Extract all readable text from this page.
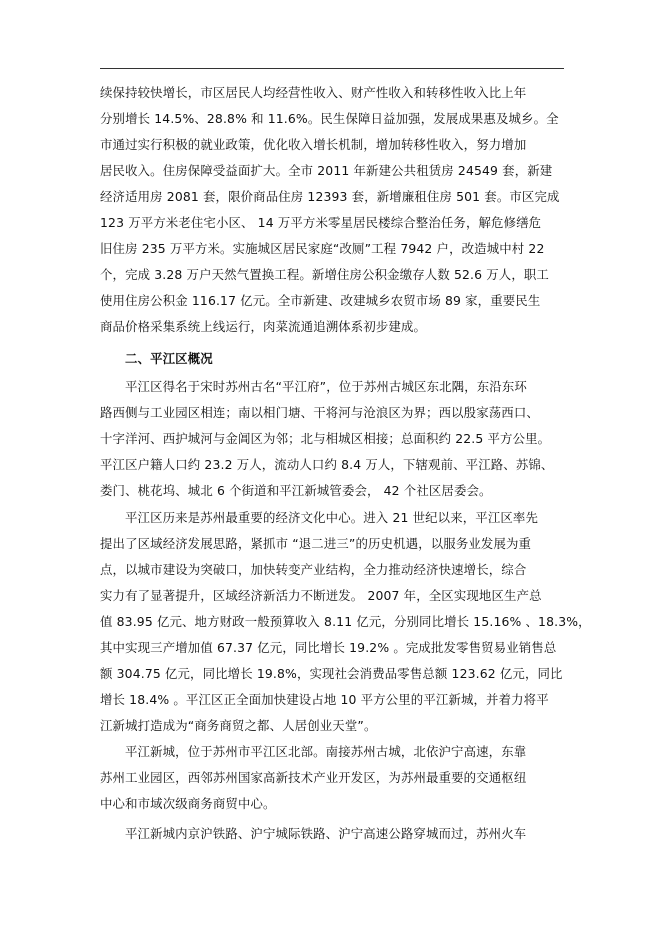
续保持较快增长，市区居民人均经营性收入、财产性收入和转移性收入比上年
分别增长 14.5%、28.8% 和 11.6%。民生保障日益加强，发展成果惠及城乡。全
市通过实行积极的就业政策，优化收入增长机制，增加转移性收入，努力增加
居民收入。住房保障受益面扩大。全市 2011 年新建公共租赁房 24549 套，新建
经济适用房 2081 套，限价商品住房 12393 套，新增廉租住房 501 套。市区完成
123 万平方米老住宅小区、 14 万平方米零星居民楼综合整治任务，解危修缮危
旧住房 235 万平方米。实施城区居民家庭“改厕”工程 7942 户，改造城中村 22
个，完成 3.28 万户天然气置换工程。新增住房公积金缴存人数 52.6 万人，职工
使用住房公积金 116.17 亿元。全市新建、改建城乡农贸市场 89 家，重要民生
商品价格采集系统上线运行，肉菜流通追溯体系初步建成。
二、平江区概况
平江区得名于宋时苏州古名“平江府”，位于苏州古城区东北隅，东沿东环
路西侧与工业园区相连；南以相门塘、干将河与沧浪区为界；西以殷家荡西口、
十字洋河、西护城河与金阊区为邻；北与相城区相接；总面积约 22.5 平方公里。
平江区户籍人口约 23.2 万人，流动人口约 8.4 万人，下辖观前、平江路、苏锦、
娄门、桃花坞、城北 6 个街道和平江新城管委会， 42 个社区居委会。
平江区历来是苏州最重要的经济文化中心。进入 21 世纪以来，平江区率先
提出了区域经济发展思路，紧抓市 “退二进三”的历史机遇，以服务业发展为重
点，以城市建设为突破口，加快转变产业结构，全力推动经济快速增长，综合
实力有了显著提升，区域经济新活力不断迸发。 2007 年，全区实现地区生产总
值 83.95 亿元、地方财政一般预算收入 8.11 亿元，分别同比增长 15.16% 、18.3%，
其中实现三产增加值 67.37 亿元，同比增长 19.2% 。完成批发零售贸易业销售总
额 304.75 亿元，同比增长 19.8%，实现社会消费品零售总额 123.62 亿元，同比
增长 18.4% 。平江区正全面加快建设占地 10 平方公里的平江新城，并着力将平
江新城打造成为“商务商贸之都、人居创业天堂”。
平江新城，位于苏州市平江区北部。南接苏州古城，北依沪宁高速，东靠
苏州工业园区，西邻苏州国家高新技术产业开发区，为苏州最重要的交通枢纽
中心和市域次级商务商贸中心。
平江新城内京沪铁路、沪宁城际铁路、沪宁高速公路穿城而过，苏州火车
